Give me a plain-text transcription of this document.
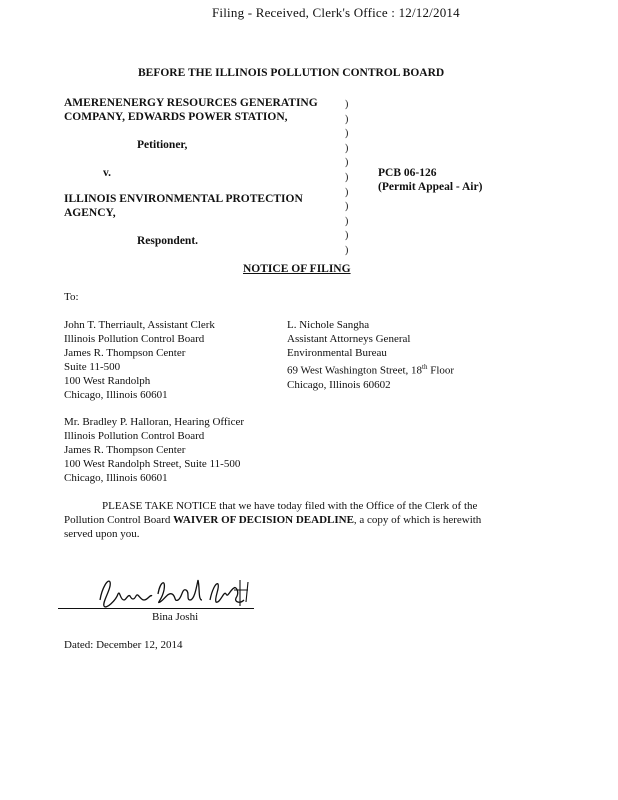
Filing - Received, Clerk's Office : 12/12/2014
BEFORE THE ILLINOIS POLLUTION CONTROL BOARD
AMERENENERGY RESOURCES GENERATING
COMPANY, EDWARDS POWER STATION,
Petitioner,
v.
ILLINOIS ENVIRONMENTAL PROTECTION
AGENCY,
Respondent.
)
)
)
)
)
)
)
)
)
)
)
PCB 06-126
(Permit Appeal - Air)
NOTICE OF FILING
To:
John T. Therriault, Assistant Clerk
Illinois Pollution Control Board
James R. Thompson Center
Suite 11-500
100 West Randolph
Chicago, Illinois 60601
L. Nichole Sangha
Assistant Attorneys General
Environmental Bureau
69 West Washington Street, 18th Floor
Chicago, Illinois 60602
Mr. Bradley P. Halloran, Hearing Officer
Illinois Pollution Control Board
James R. Thompson Center
100 West Randolph Street, Suite 11-500
Chicago, Illinois 60601
PLEASE TAKE NOTICE that we have today filed with the Office of the Clerk of the
Pollution Control Board WAIVER OF DECISION DEADLINE, a copy of which is herewith
served upon you.
Bina Joshi
Dated: December 12, 2014
